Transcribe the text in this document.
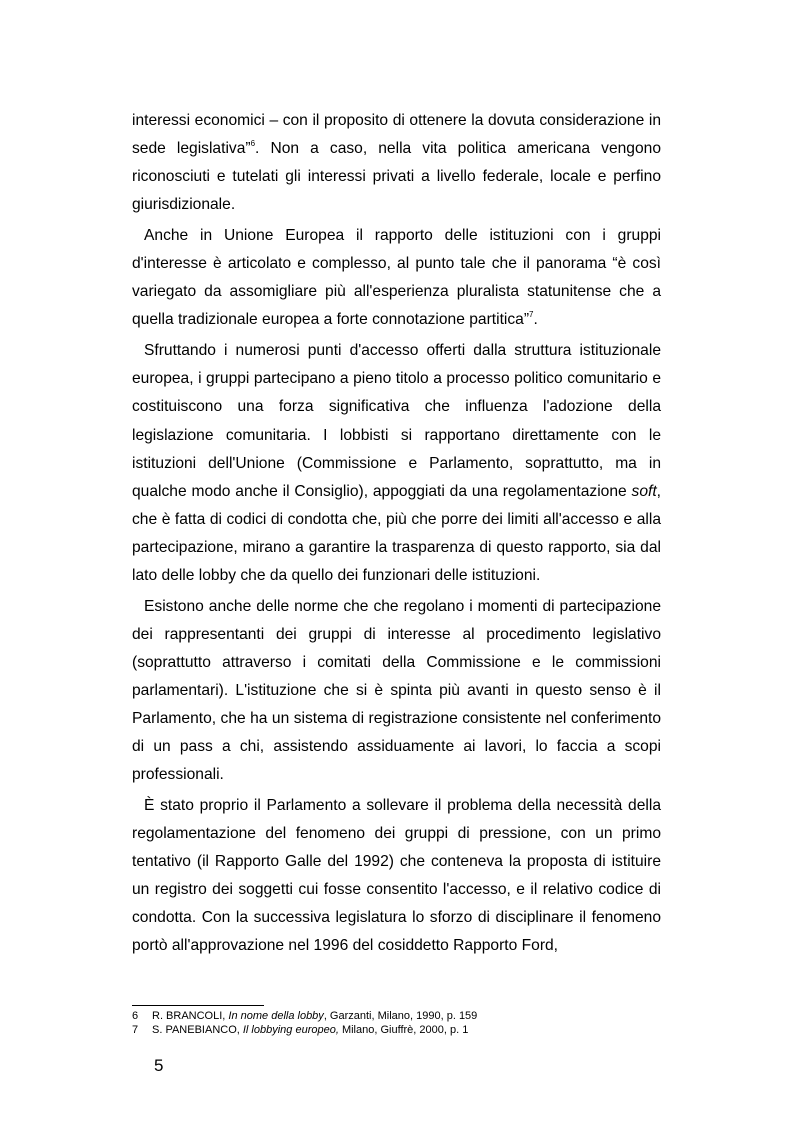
interessi economici – con il proposito di ottenere la dovuta considerazione in sede legislativa”$^6$. Non a caso, nella vita politica americana vengono riconosciuti e tutelati gli interessi privati a livello federale, locale e perfino giurisdizionale.

Anche in Unione Europea il rapporto delle istituzioni con i gruppi d'interesse è articolato e complesso, al punto tale che il panorama “è così variegato da assomigliare più all'esperienza pluralista statunitense che a quella tradizionale europea a forte connotazione partitica”$^7$.

Sfruttando i numerosi punti d'accesso offerti dalla struttura istituzionale europea, i gruppi partecipano a pieno titolo a processo politico comunitario e costituiscono una forza significativa che influenza l'adozione della legislazione comunitaria. I lobbisti si rapportano direttamente con le istituzioni dell'Unione (Commissione e Parlamento, soprattutto, ma in qualche modo anche il Consiglio), appoggiati da una regolamentazione soft, che è fatta di codici di condotta che, più che porre dei limiti all'accesso e alla partecipazione, mirano a garantire la trasparenza di questo rapporto, sia dal lato delle lobby che da quello dei funzionari delle istituzioni.

Esistono anche delle norme che che regolano i momenti di partecipazione dei rappresentanti dei gruppi di interesse al procedimento legislativo (soprattutto attraverso i comitati della Commissione e le commissioni parlamentari). L'istituzione che si è spinta più avanti in questo senso è il Parlamento, che ha un sistema di registrazione consistente nel conferimento di un pass a chi, assistendo assiduamente ai lavori, lo faccia a scopi professionali.

È stato proprio il Parlamento a sollevare il problema della necessità della regolamentazione del fenomeno dei gruppi di pressione, con un primo tentativo (il Rapporto Galle del 1992) che conteneva la proposta di istituire un registro dei soggetti cui fosse consentito l'accesso, e il relativo codice di condotta. Con la successiva legislatura lo sforzo di disciplinare il fenomeno portò all'approvazione nel 1996 del cosiddetto Rapporto Ford,

6	R. BRANCOLI, In nome della lobby, Garzanti, Milano, 1990, p. 159
7	S. PANEBIANCO, Il lobbying europeo, Milano, Giuffrè, 2000, p. 1
5
